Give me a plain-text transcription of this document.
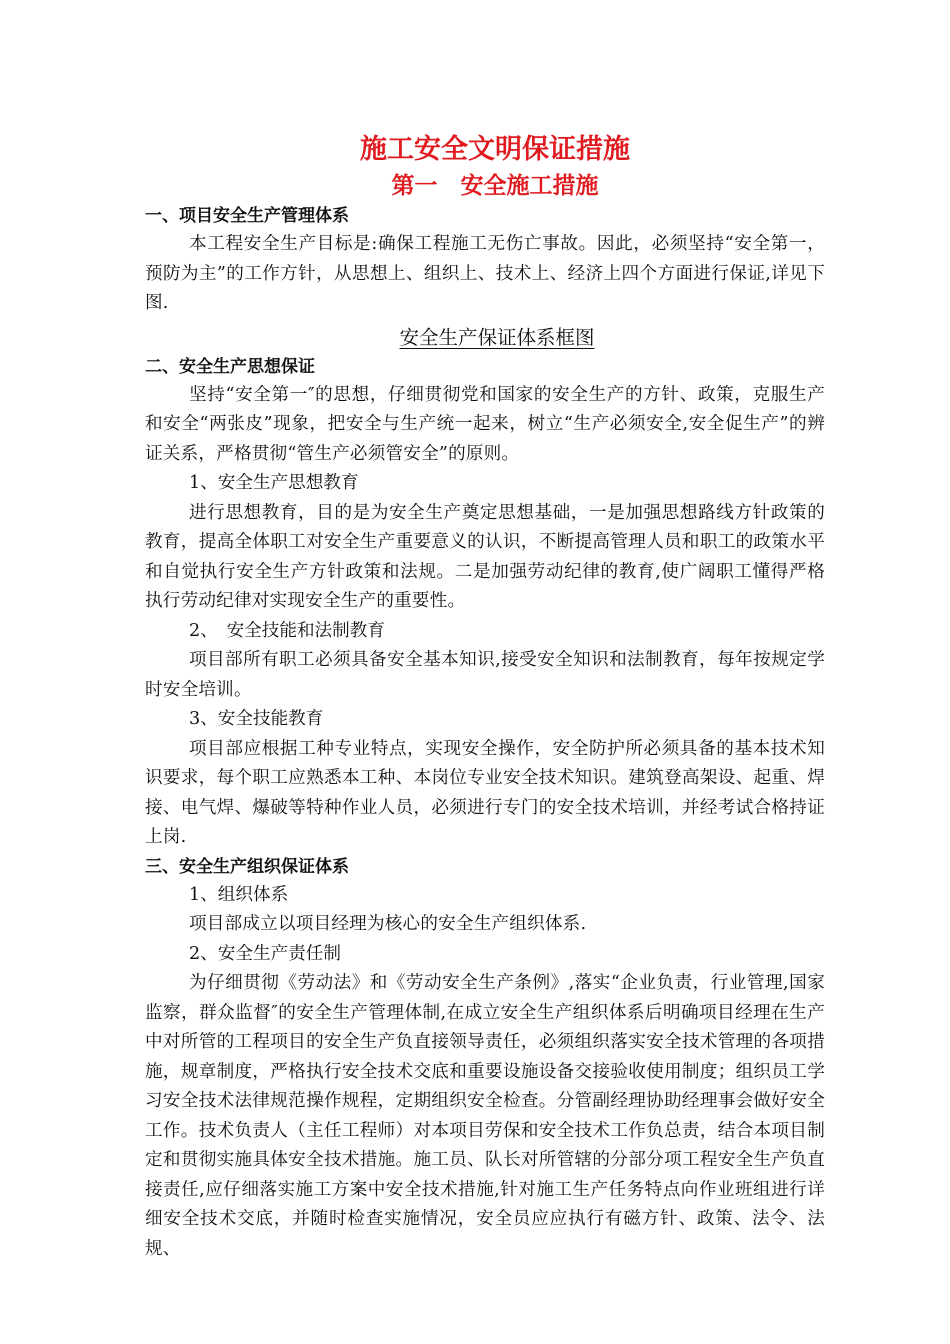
施工安全文明保证措施
第一　安全施工措施

一、项目安全生产管理体系

本工程安全生产目标是:确保工程施工无伤亡事故。因此，必须坚持“安全第一，预防为主”的工作方针，从思想上、组织上、技术上、经济上四个方面进行保证,详见下图.

安全生产保证体系框图

二、安全生产思想保证

坚持“安全第一″的思想，仔细贯彻党和国家的安全生产的方针、政策，克服生产和安全“两张皮”现象，把安全与生产统一起来，树立“生产必须安全,安全促生产”的辨证关系，严格贯彻“管生产必须管安全”的原则。

1、安全生产思想教育

进行思想教育，目的是为安全生产奠定思想基础，一是加强思想路线方针政策的教育，提高全体职工对安全生产重要意义的认识，不断提高管理人员和职工的政策水平和自觉执行安全生产方针政策和法规。二是加强劳动纪律的教育,使广阔职工懂得严格执行劳动纪律对实现安全生产的重要性。

2、　安全技能和法制教育

项目部所有职工必须具备安全基本知识,接受安全知识和法制教育，每年按规定学时安全培训。

3、安全技能教育

项目部应根据工种专业特点，实现安全操作，安全防护所必须具备的基本技术知识要求，每个职工应熟悉本工种、本岗位专业安全技术知识。建筑登高架设、起重、焊接、电气焊、爆破等特种作业人员，必须进行专门的安全技术培训，并经考试合格持证上岗.

三、安全生产组织保证体系

1、组织体系

项目部成立以项目经理为核心的安全生产组织体系.

2、安全生产责任制

为仔细贯彻《劳动法》和《劳动安全生产条例》,落实“企业负责，行业管理,国家监察，群众监督″的安全生产管理体制,在成立安全生产组织体系后明确项目经理在生产中对所管的工程项目的安全生产负直接领导责任，必须组织落实安全技术管理的各项措施，规章制度，严格执行安全技术交底和重要设施设备交接验收使用制度；组织员工学习安全技术法律规范操作规程，定期组织安全检查。分管副经理协助经理事会做好安全工作。技术负责人（主任工程师）对本项目劳保和安全技术工作负总责，结合本项目制定和贯彻实施具体安全技术措施。施工员、队长对所管辖的分部分项工程安全生产负直接责任,应仔细落实施工方案中安全技术措施,针对施工生产任务特点向作业班组进行详细安全技术交底，并随时检查实施情况，安全员应应执行有磁方针、政策、法令、法规、
